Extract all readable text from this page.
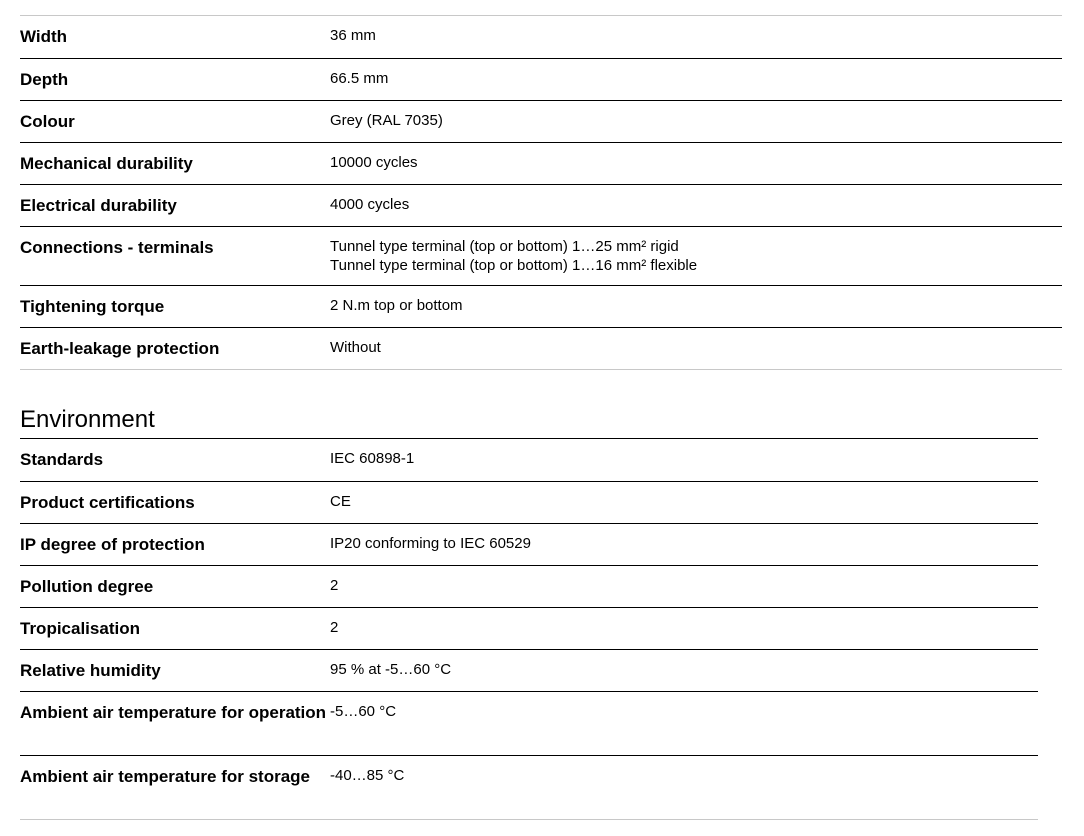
Width	36 mm

Depth	66.5 mm

Colour	Grey (RAL 7035)

Mechanical durability	10000 cycles

Electrical durability	4000 cycles

Connections - terminals	Tunnel type terminal (top or bottom) 1…25 mm² rigid
Tunnel type terminal (top or bottom) 1…16 mm² flexible

Tightening torque	2 N.m top or bottom

Earth-leakage protection	Without
Environment

Standards	IEC 60898-1

Product certifications	CE

IP degree of protection	IP20 conforming to IEC 60529

Pollution degree	2

Tropicalisation	2

Relative humidity	95 % at -5…60 °C

Ambient air temperature for operation	-5…60 °C

Ambient air temperature for storage	-40…85 °C
